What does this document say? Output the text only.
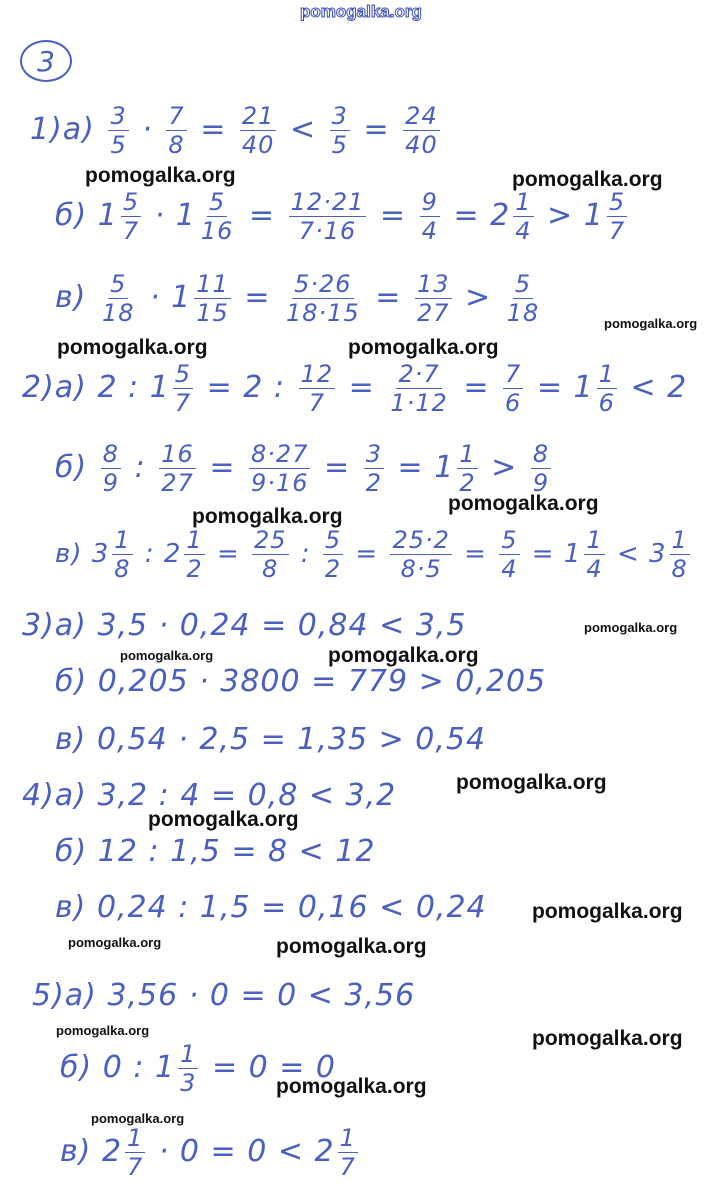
pomogalka.org
3
$1)а) \frac{3}{5} \cdot \frac{7}{8} = \frac{21}{40} < \frac{3}{5} = \frac{24}{40}$
б) $1 \frac{5}{7} \cdot 1 \frac{5}{16} = \frac{12\cdot 21}{7\cdot 16} = \frac{9}{4} = 2 \frac{1}{4} > 1 \frac{5}{7}$
$в) \frac{5}{18} \cdot 1 \frac{11}{15} = \frac{5\cdot 26}{18\cdot 15} = \frac{13}{27} > \frac{5}{18}$
2)а) 2 : $1 \frac{5}{7} = 2$ : $\frac{12}{7} = \frac{2\cdot 7}{1\cdot 12} = \frac{7}{6} = 1 \frac{1}{6} < 2$
$б) \frac{8}{9}$ : $\frac{16}{27} = \frac{8\cdot 27}{9\cdot 16} = \frac{3}{2} = 1 \frac{1}{2} > \frac{8}{9}$
в) $3 \frac{1}{8}$ : $2 \frac{1}{2} = \frac{25}{8}$ : $\frac{5}{2} = \frac{25\cdot 2}{8\cdot 5} = \frac{5}{4} = 1 \frac{1}{4} < 3 \frac{1}{8}$
3)а) 3,5 · 0,24 = 0,84 < 3,5
б) 0,205 · 3800 = 779 > 0,205
в) 0,54 · 2,5 = 1,35 > 0,54
4)а) 3,2 : 4 = 0,8 < 3,2
б) 12 : 1,5 = 8 < 12
в) 0,24 : 1,5 = 0,16 < 0,24
5)а) 3,56 · 0 = 0 < 3,56
б) 0 : $1 \frac{1}{3} = 0 = 0$
в) $2 \frac{1}{7} \cdot 0 = 0 < 2 \frac{1}{7}$
pomogalka.org	pomogalka.org
pomogalka.org
pomogalka.org	pomogalka.org
pomogalka.org
pomogalka.org
pomogalka.org
pomogalka.org	pomogalka.org
pomogalka.org
pomogalka.org
pomogalka.org
pomogalka.org	pomogalka.org
pomogalka.org	pomogalka.org
pomogalka.org
pomogalka.org
